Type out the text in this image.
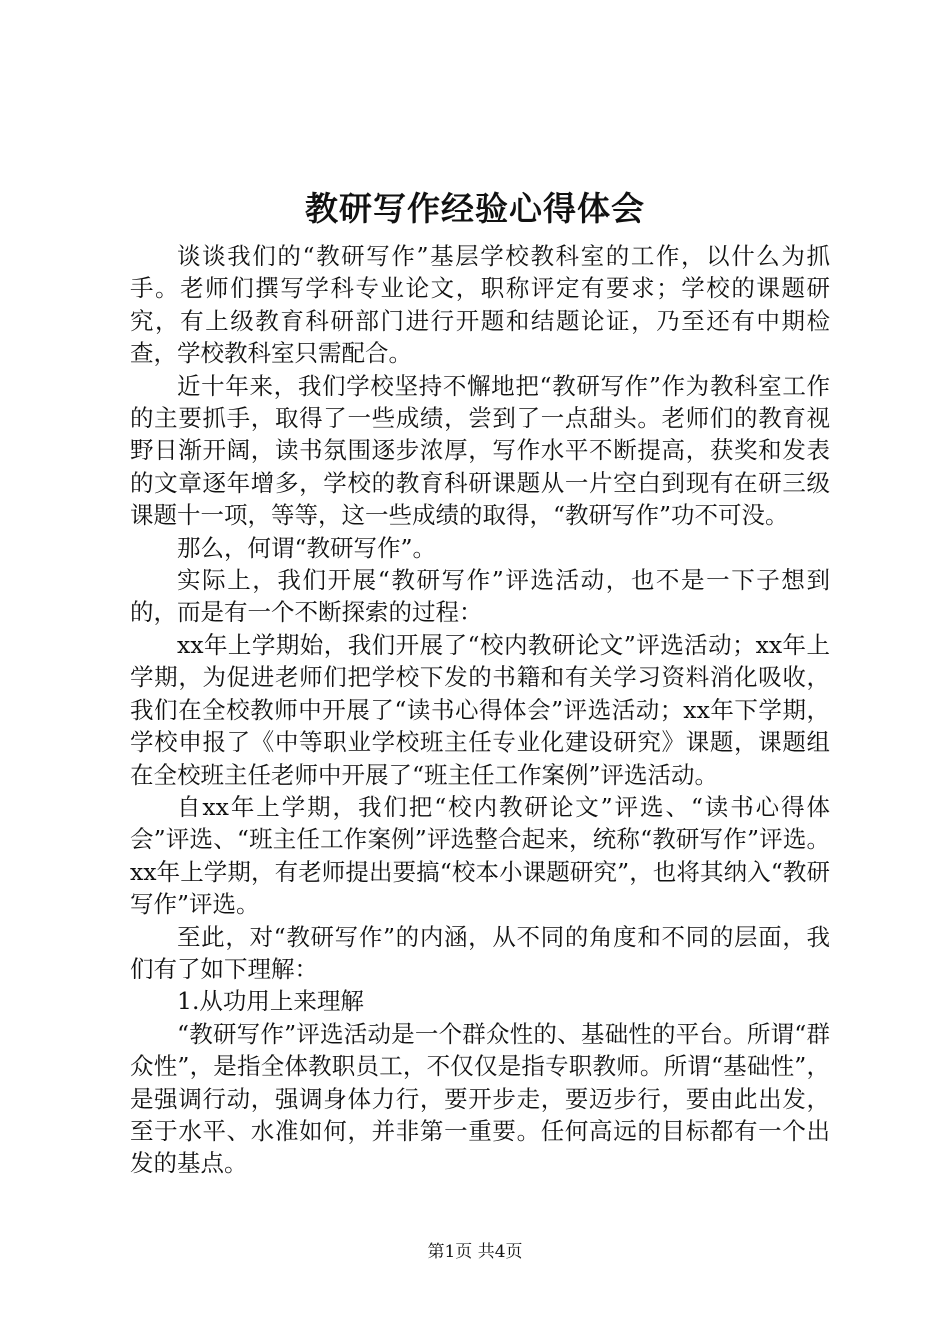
教研写作经验心得体会

谈谈我们的“教研写作”基层学校教科室的工作，以什么为抓手。老师们撰写学科专业论文，职称评定有要求；学校的课题研究，有上级教育科研部门进行开题和结题论证，乃至还有中期检查，学校教科室只需配合。

近十年来，我们学校坚持不懈地把“教研写作”作为教科室工作的主要抓手，取得了一些成绩，尝到了一点甜头。老师们的教育视野日渐开阔，读书氛围逐步浓厚，写作水平不断提高，获奖和发表的文章逐年增多，学校的教育科研课题从一片空白到现有在研三级课题十一项，等等，这一些成绩的取得，“教研写作”功不可没。

那么，何谓“教研写作”。

实际上，我们开展“教研写作”评选活动，也不是一下子想到的，而是有一个不断探索的过程：

xx年上学期始，我们开展了“校内教研论文”评选活动；xx年上学期，为促进老师们把学校下发的书籍和有关学习资料消化吸收，我们在全校教师中开展了“读书心得体会”评选活动；xx年下学期，学校申报了《中等职业学校班主任专业化建设研究》课题，课题组在全校班主任老师中开展了“班主任工作案例”评选活动。

自xx年上学期，我们把“校内教研论文”评选、“读书心得体会”评选、“班主任工作案例”评选整合起来，统称“教研写作”评选。xx年上学期，有老师提出要搞“校本小课题研究”，也将其纳入“教研写作”评选。

至此，对“教研写作”的内涵，从不同的角度和不同的层面，我们有了如下理解：

1.从功用上来理解

“教研写作”评选活动是一个群众性的、基础性的平台。所谓“群众性”，是指全体教职员工，不仅仅是指专职教师。所谓“基础性”，是强调行动，强调身体力行，要开步走，要迈步行，要由此出发，至于水平、水准如何，并非第一重要。任何高远的目标都有一个出发的基点。

第1页 共4页
